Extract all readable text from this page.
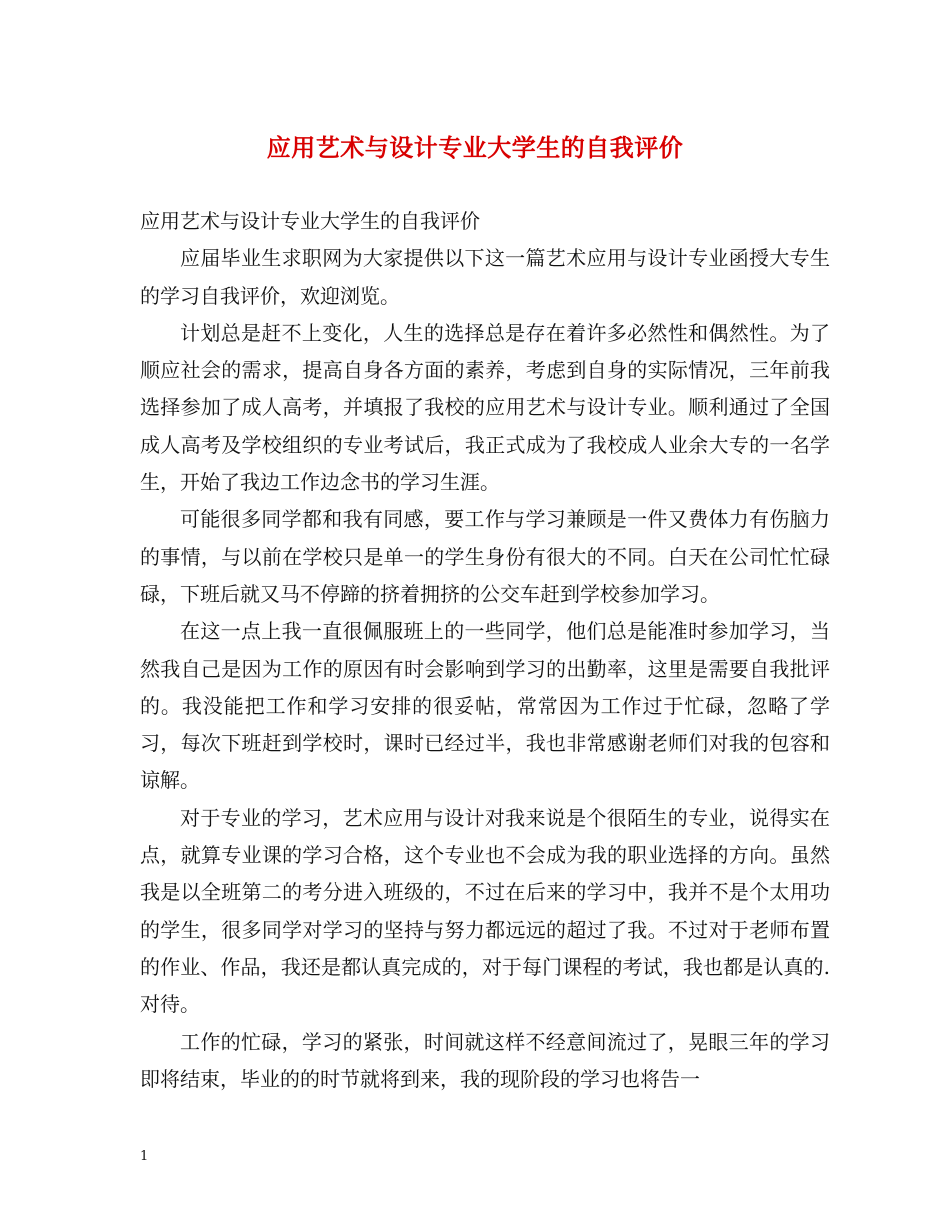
应用艺术与设计专业大学生的自我评价

应用艺术与设计专业大学生的自我评价

应届毕业生求职网为大家提供以下这一篇艺术应用与设计专业函授大专生的学习自我评价，欢迎浏览。

计划总是赶不上变化，人生的选择总是存在着许多必然性和偶然性。为了顺应社会的需求，提高自身各方面的素养，考虑到自身的实际情况，三年前我选择参加了成人高考，并填报了我校的应用艺术与设计专业。顺利通过了全国成人高考及学校组织的专业考试后，我正式成为了我校成人业余大专的一名学生，开始了我边工作边念书的学习生涯。

可能很多同学都和我有同感，要工作与学习兼顾是一件又费体力有伤脑力的事情，与以前在学校只是单一的学生身份有很大的不同。白天在公司忙忙碌碌，下班后就又马不停蹄的挤着拥挤的公交车赶到学校参加学习。

在这一点上我一直很佩服班上的一些同学，他们总是能准时参加学习，当然我自己是因为工作的原因有时会影响到学习的出勤率，这里是需要自我批评的。我没能把工作和学习安排的很妥帖，常常因为工作过于忙碌，忽略了学习，每次下班赶到学校时，课时已经过半，我也非常感谢老师们对我的包容和谅解。

对于专业的学习，艺术应用与设计对我来说是个很陌生的专业，说得实在点，就算专业课的学习合格，这个专业也不会成为我的职业选择的方向。虽然我是以全班第二的考分进入班级的，不过在后来的学习中，我并不是个太用功的学生，很多同学对学习的坚持与努力都远远的超过了我。不过对于老师布置的作业、作品，我还是都认真完成的，对于每门课程的考试，我也都是认真的. 对待。

工作的忙碌，学习的紧张，时间就这样不经意间流过了，晃眼三年的学习即将结束，毕业的的时节就将到来，我的现阶段的学习也将告一

1
